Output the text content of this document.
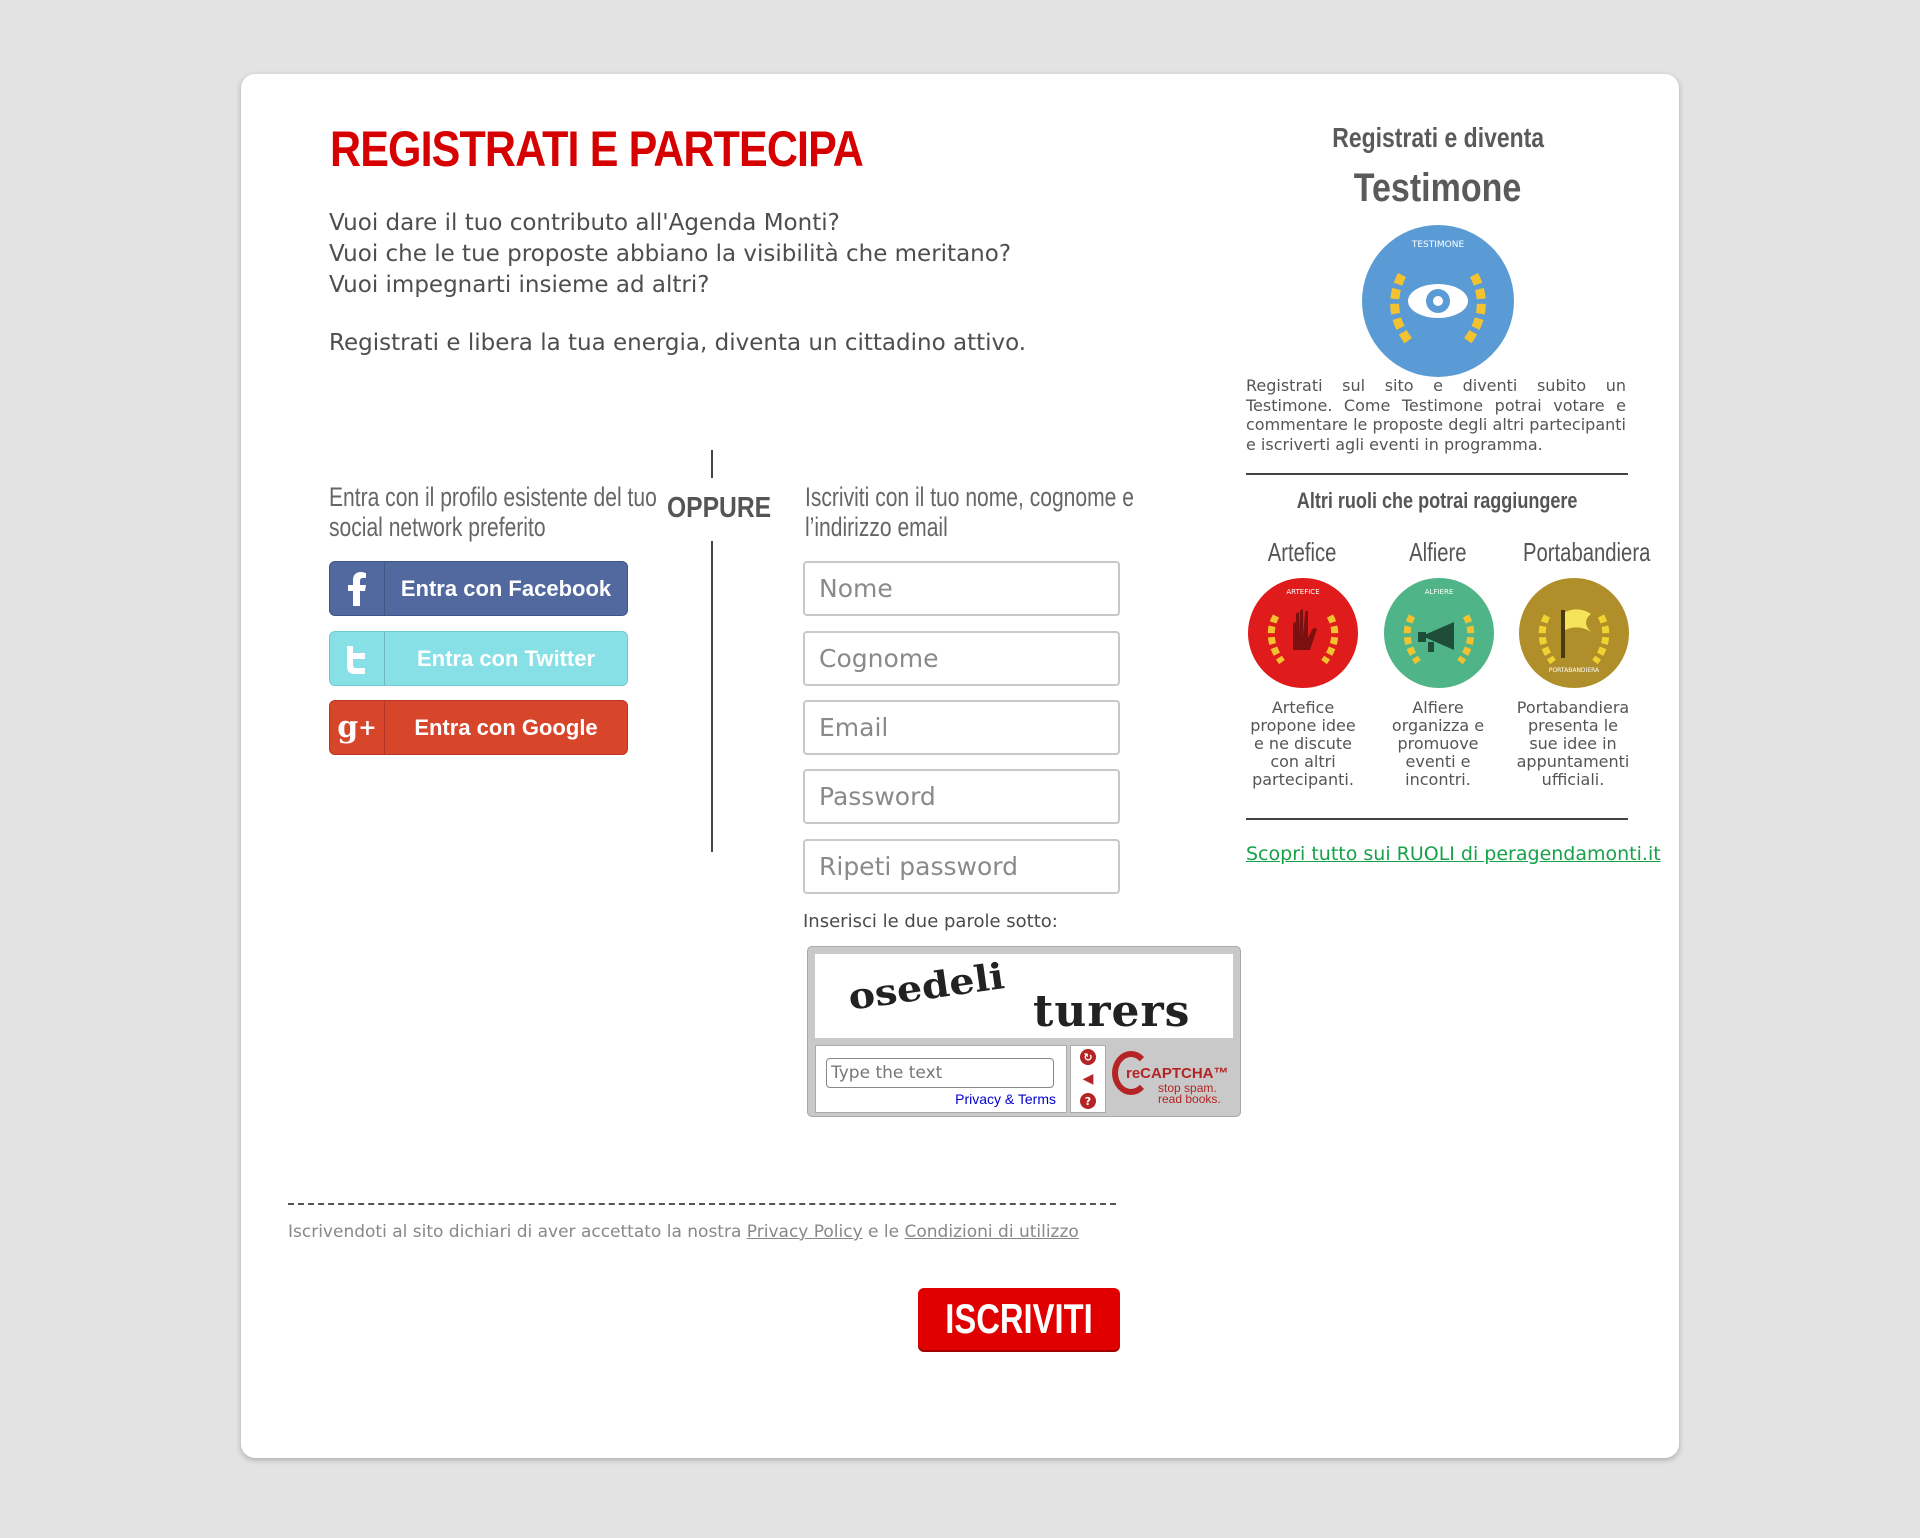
REGISTRATI E PARTECIPA
Vuoi dare il tuo contributo all'Agenda Monti?
Vuoi che le tue proposte abbiano la visibilità che meritano?
Vuoi impegnarti insieme ad altri?
Registrati e libera la tua energia, diventa un cittadino attivo.
Entra con il profilo esistente del tuo
social network preferito
Entra con Facebook
Entra con Twitter
g +	Entra con Google
OPPURE Iscriviti con il tuo nome, cognome e
l’indirizzo email
Nome
Cognome
Email
Inserisci le due parole sotto:
osedeli turers
Type the text
Privacy & Terms
↻
◀
?
reCAPTCHA™
stop spam.
read books.
Iscrivendoti al sito dichiari di aver accettato la nostra Privacy Policy e le Condizioni di utilizzo
ISCRIVITI
Registrati e diventa
Testimone
TESTIMONE
Registrati sul sito e diventi subito un Testimone. Come Testimone potrai votare e commentare le proposte degli altri partecipanti e iscriverti agli eventi in programma.
Altri ruoli che potrai raggiungere
Artefice	Alfiere	Portabandiera
ARTEFICE	ALFIERE
PORTABANDIERA
Artefice propone idee e ne discute con altri partecipanti.
Alfiere organizza e promuove eventi e incontri.
Portabandiera presenta le sue idee in appuntamenti ufficiali.
Scopri tutto sui RUOLI di peragendamonti.it
